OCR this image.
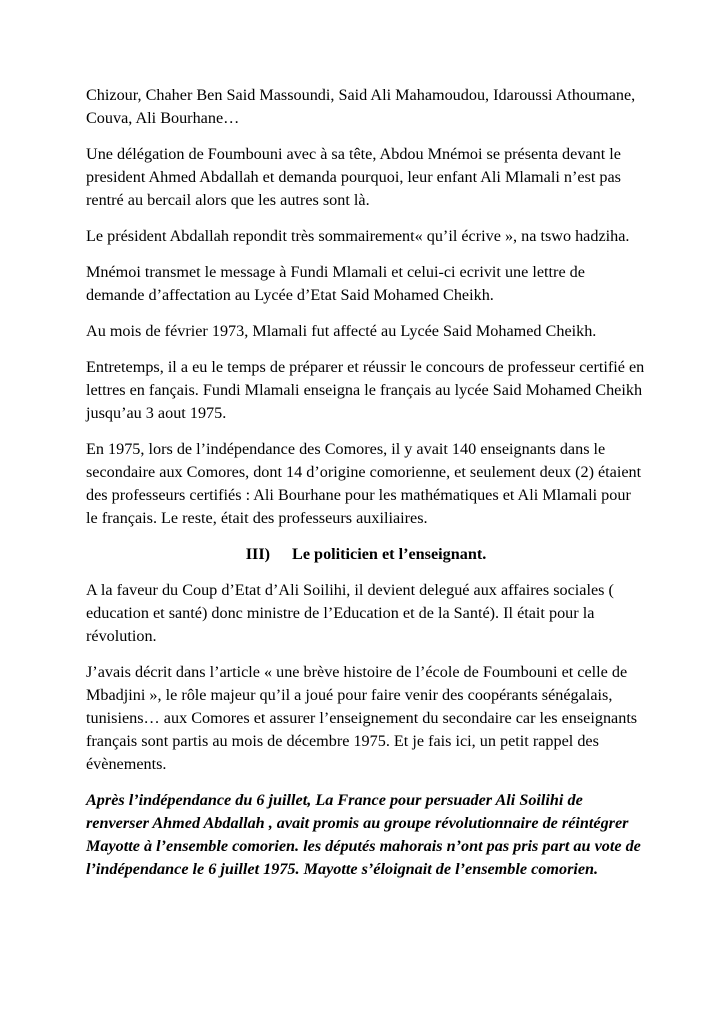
Chizour, Chaher Ben Said Massoundi, Said Ali Mahamoudou, Idaroussi Athoumane, Couva, Ali Bourhane…

Une délégation de Foumbouni avec à sa tête, Abdou Mnémoi se présenta devant le president Ahmed Abdallah et demanda pourquoi, leur enfant Ali Mlamali n’est pas rentré au bercail alors que les autres sont là.

Le président Abdallah repondit très sommairement« qu’il écrive », na tswo hadziha.

Mnémoi transmet le message à Fundi Mlamali et celui-ci ecrivit une lettre de demande d’affectation au Lycée d’Etat Said Mohamed Cheikh.

Au mois de février 1973, Mlamali fut affecté au Lycée Said Mohamed Cheikh.

Entretemps, il a eu le temps de préparer et réussir le concours de professeur certifié en lettres en fançais. Fundi Mlamali enseigna le français au lycée Said Mohamed Cheikh jusqu’au 3 aout 1975.

En 1975, lors de l’indépendance des Comores, il y avait 140 enseignants dans le secondaire aux Comores, dont 14 d’origine comorienne, et seulement deux (2) étaient des professeurs certifiés : Ali Bourhane pour les mathématiques et Ali Mlamali pour le français. Le reste, était des professeurs auxiliaires.

III) Le politicien et l’enseignant.

A la faveur du Coup d’Etat d’Ali Soilihi, il devient delegué aux affaires sociales ( education et santé) donc ministre de l’Education et de la Santé). Il était pour la révolution.

J’avais décrit dans l’article « une brève histoire de l’école de Foumbouni et celle de Mbadjini », le rôle majeur qu’il a joué pour faire venir des coopérants sénégalais, tunisiens… aux Comores et assurer l’enseignement du secondaire car les enseignants français sont partis au mois de décembre 1975. Et je fais ici, un petit rappel des évènements.

Après l’indépendance du 6 juillet, La France pour persuader Ali Soilihi de renverser Ahmed Abdallah , avait promis au groupe révolutionnaire de réintégrer Mayotte à l’ensemble comorien. les députés mahorais n’ont pas pris part au vote de l’indépendance le 6 juillet 1975. Mayotte s’éloignait de l’ensemble comorien.
